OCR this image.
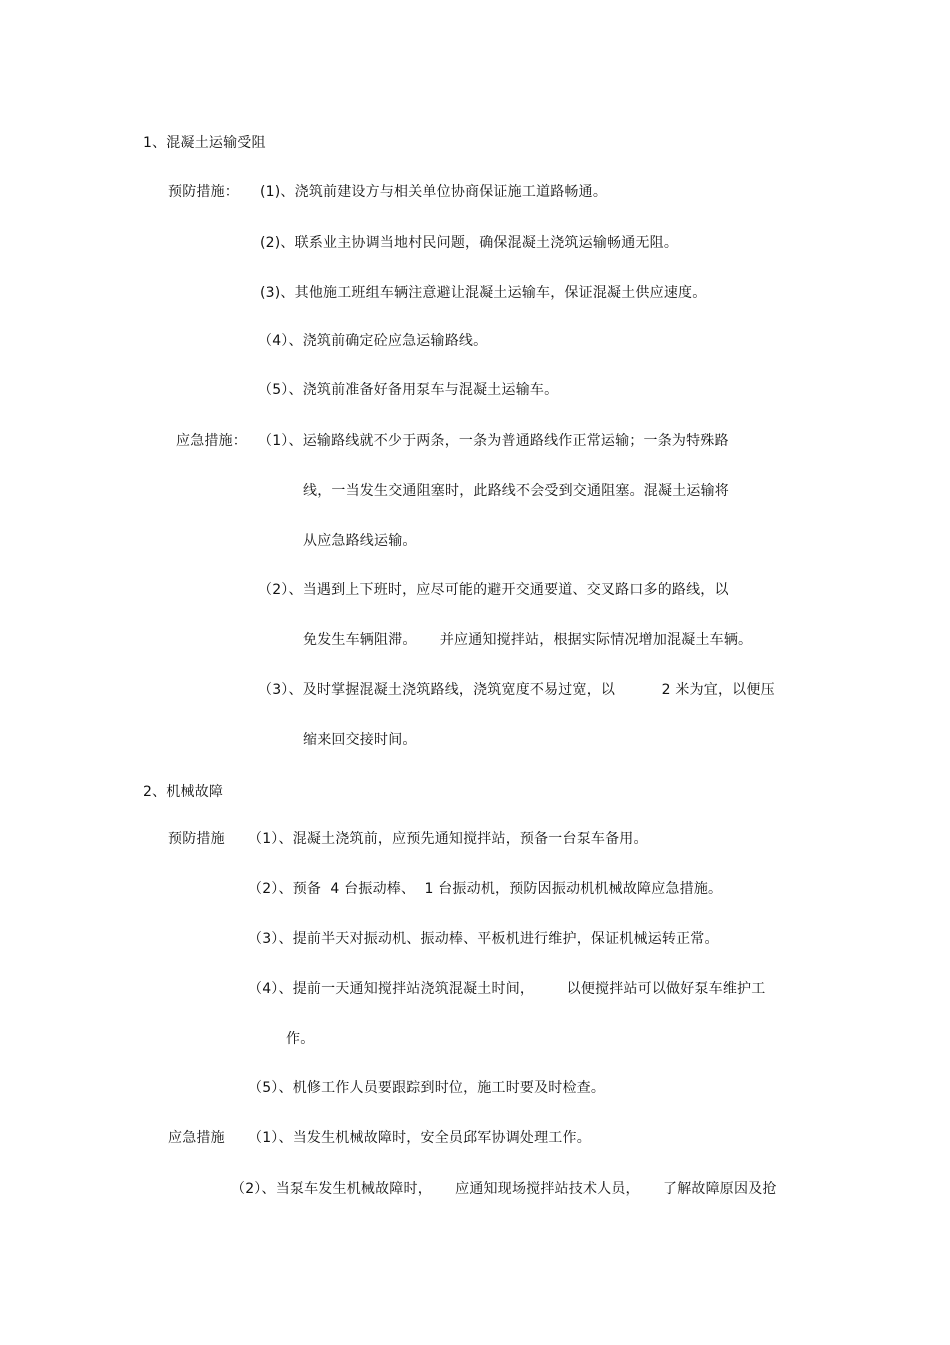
1、混凝土运输受阻
预防措施： (1)、浇筑前建设方与相关单位协商保证施工道路畅通。
(2)、联系业主协调当地村民问题，确保混凝土浇筑运输畅通无阻。
(3)、其他施工班组车辆注意避让混凝土运输车，保证混凝土供应速度。
（4）、浇筑前确定砼应急运输路线。
（5）、浇筑前准备好备用泵车与混凝土运输车。
应急措施： （1）、运输路线就不少于两条，一条为普通路线作正常运输；一条为特殊路
线，一当发生交通阻塞时，此路线不会受到交通阻塞。混凝土运输将
从应急路线运输。
（2）、当遇到上下班时，应尽可能的避开交通要道、交叉路口多的路线，以
免发生车辆阻滞。     并应通知搅拌站，根据实际情况增加混凝土车辆。
（3）、及时掌握混凝土浇筑路线，浇筑宽度不易过宽，以          2 米为宜，以便压
缩来回交接时间。
2、机械故障
预防措施 （1）、混凝土浇筑前，应预先通知搅拌站，预备一台泵车备用。
（2）、预备  4 台振动棒、  1 台振动机，预防因振动机机械故障应急措施。
（3）、提前半天对振动机、振动棒、平板机进行维护，保证机械运转正常。
（4）、提前一天通知搅拌站浇筑混凝土时间，       以便搅拌站可以做好泵车维护工
作。
（5）、机修工作人员要跟踪到时位，施工时要及时检查。
应急措施 （1）、当发生机械故障时，安全员邱军协调处理工作。
（2）、当泵车发生机械故障时，     应通知现场搅拌站技术人员，     了解故障原因及抢
